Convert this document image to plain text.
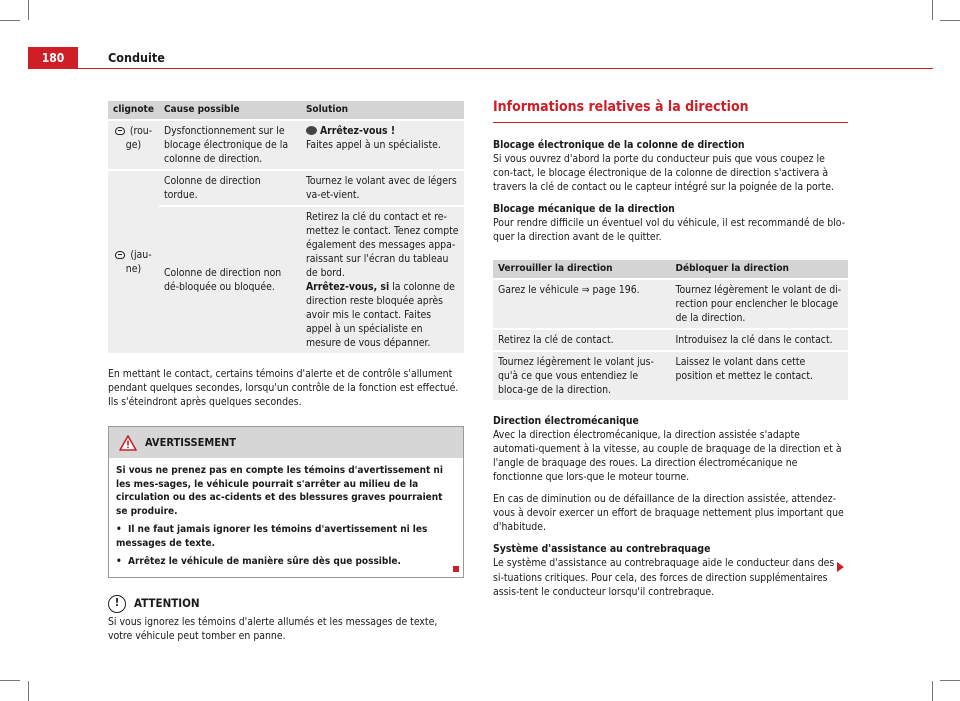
180	Conduite
clignote	Cause possible	Solution
(rou-ge)	Dysfonctionnement sur le blocage électronique de la colonne de direction.	Arrêtez-vous !
Faites appel à un spécialiste.
(jau-ne)	Colonne de direction tordue.	Tournez le volant avec de légers va-et-vient.
	Colonne de direction non dé-bloquée ou bloquée.	Retirez la clé du contact et re-mettez le contact. Tenez compte également des messages appa-raissant sur l'écran du tableau de bord.
Arrêtez-vous, si la colonne de direction reste bloquée après avoir mis le contact. Faites appel à un spécialiste en mesure de vous dépanner.

En mettant le contact, certains témoins d'alerte et de contrôle s'allument pendant quelques secondes, lorsqu'un contrôle de la fonction est effectué. Ils s'éteindront après quelques secondes.

AVERTISSEMENT

Si vous ne prenez pas en compte les témoins d'avertissement ni les mes-sages, le véhicule pourrait s'arrêter au milieu de la circulation ou des ac-cidents et des blessures graves pourraient se produire.

• Il ne faut jamais ignorer les témoins d'avertissement ni les messages de texte.

• Arrêtez le véhicule de manière sûre dès que possible.

!	ATTENTION

Si vous ignorez les témoins d'alerte allumés et les messages de texte, votre véhicule peut tomber en panne.

Informations relatives à la direction
Blocage électronique de la colonne de direction

Si vous ouvrez d'abord la porte du conducteur puis que vous coupez le con-tact, le blocage électronique de la colonne de direction s'activera à travers la clé de contact ou le capteur intégré sur la poignée de la porte.

Blocage mécanique de la direction

Pour rendre difficile un éventuel vol du véhicule, il est recommandé de blo-quer la direction avant de le quitter.

Verrouiller la direction	Débloquer la direction
Garez le véhicule ⇒ page 196.	Tournez légèrement le volant de di-rection pour enclencher le blocage de la direction.
Retirez la clé de contact.	Introduisez la clé dans le contact.
Tournez légèrement le volant jus-qu'à ce que vous entendiez le bloca-ge de la direction.	Laissez le volant dans cette position et mettez le contact.
Direction électromécanique

Avec la direction électromécanique, la direction assistée s'adapte automati-quement à la vitesse, au couple de braquage de la direction et à l'angle de braquage des roues. La direction électromécanique ne fonctionne que lors-que le moteur tourne.

En cas de diminution ou de défaillance de la direction assistée, attendez-vous à devoir exercer un effort de braquage nettement plus important que d'habitude.

Système d'assistance au contrebraquage

Le système d'assistance au contrebraquage aide le conducteur dans des si-tuations critiques. Pour cela, des forces de direction supplémentaires assis-tent le conducteur lorsqu'il contrebraque.
